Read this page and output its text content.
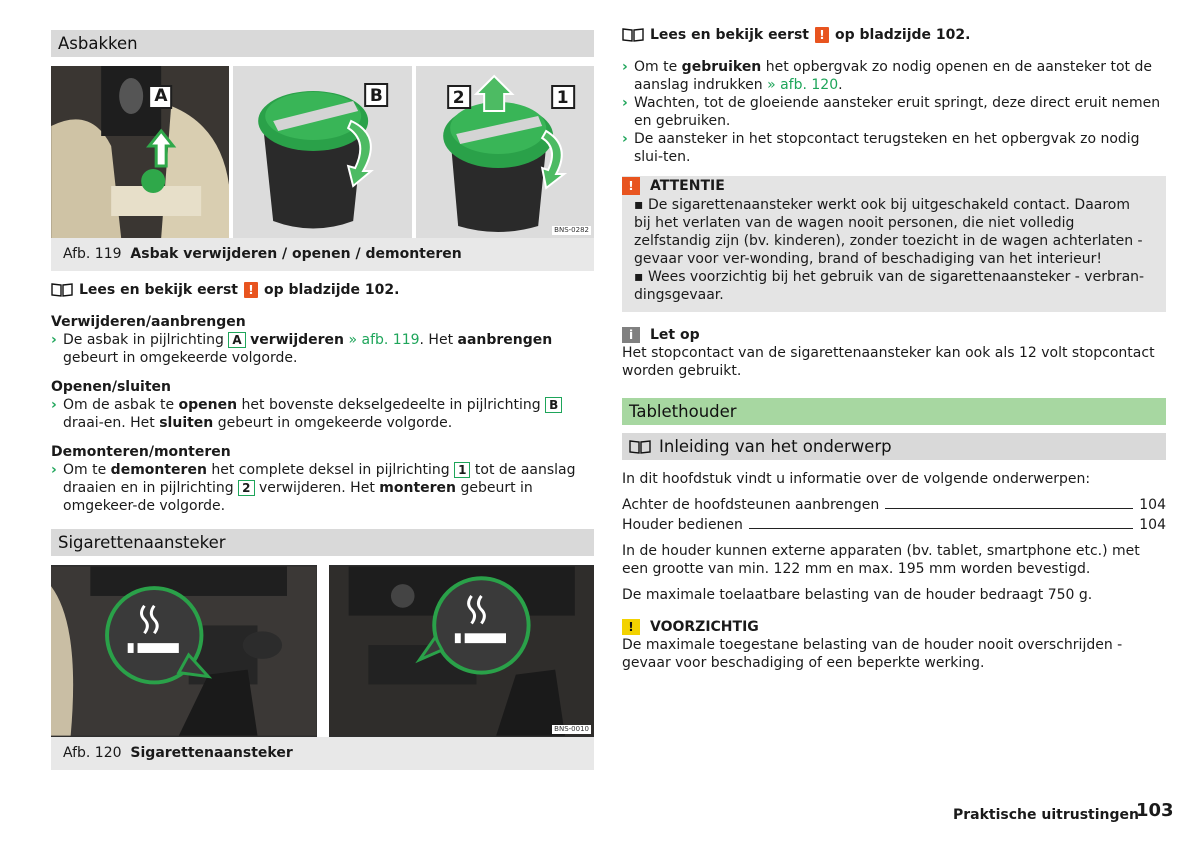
Asbakken
A	B	2	1
BNS-0282
Afb. 119 Asbak verwijderen / openen / demonteren
Lees en bekijk eerst ! op bladzijde 102.
Verwijderen/aanbrengen
› De asbak in pijlrichting A verwijderen » afb. 119. Het aanbrengen gebeurt in omgekeerde volgorde.
Openen/sluiten
› Om de asbak te openen het bovenste dekselgedeelte in pijlrichting B draai-en. Het sluiten gebeurt in omgekeerde volgorde.
Demonteren/monteren
› Om te demonteren het complete deksel in pijlrichting 1 tot de aanslag draaien en in pijlrichting 2 verwijderen. Het monteren gebeurt in omgekeer-de volgorde.
Sigarettenaansteker
BNS-0010
Afb. 120 Sigarettenaansteker
Lees en bekijk eerst ! op bladzijde 102.
› Om te gebruiken het opbergvak zo nodig openen en de aansteker tot de aanslag indrukken » afb. 120.
› Wachten, tot de gloeiende aansteker eruit springt, deze direct eruit nemen en gebruiken.
› De aansteker in het stopcontact terugsteken en het opbergvak zo nodig slui-ten.
!	ATTENTIE

▪ De sigarettenaansteker werkt ook bij uitgeschakeld contact. Daarom bij het verlaten van de wagen nooit personen, die niet volledig zelfstandig zijn (bv. kinderen), zonder toezicht in de wagen achterlaten - gevaar voor ver-wonding, brand of beschadiging van het interieur!

▪ Wees voorzichtig bij het gebruik van de sigarettenaansteker - verbran-dingsgevaar.

i	Let op

Het stopcontact van de sigarettenaansteker kan ook als 12 volt stopcontact worden gebruikt.

Tablethouder
Inleiding van het onderwerp

In dit hoofdstuk vindt u informatie over de volgende onderwerpen:

Achter de hoofdsteunen aanbrengen	104
Houder bedienen	104

In de houder kunnen externe apparaten (bv. tablet, smartphone etc.) met een grootte van min. 122 mm en max. 195 mm worden bevestigd.

De maximale toelaatbare belasting van de houder bedraagt 750 g.

!	VOORZICHTIG

De maximale toegestane belasting van de houder nooit overschrijden - gevaar voor beschadiging of een beperkte werking.

Praktische uitrustingen
103
